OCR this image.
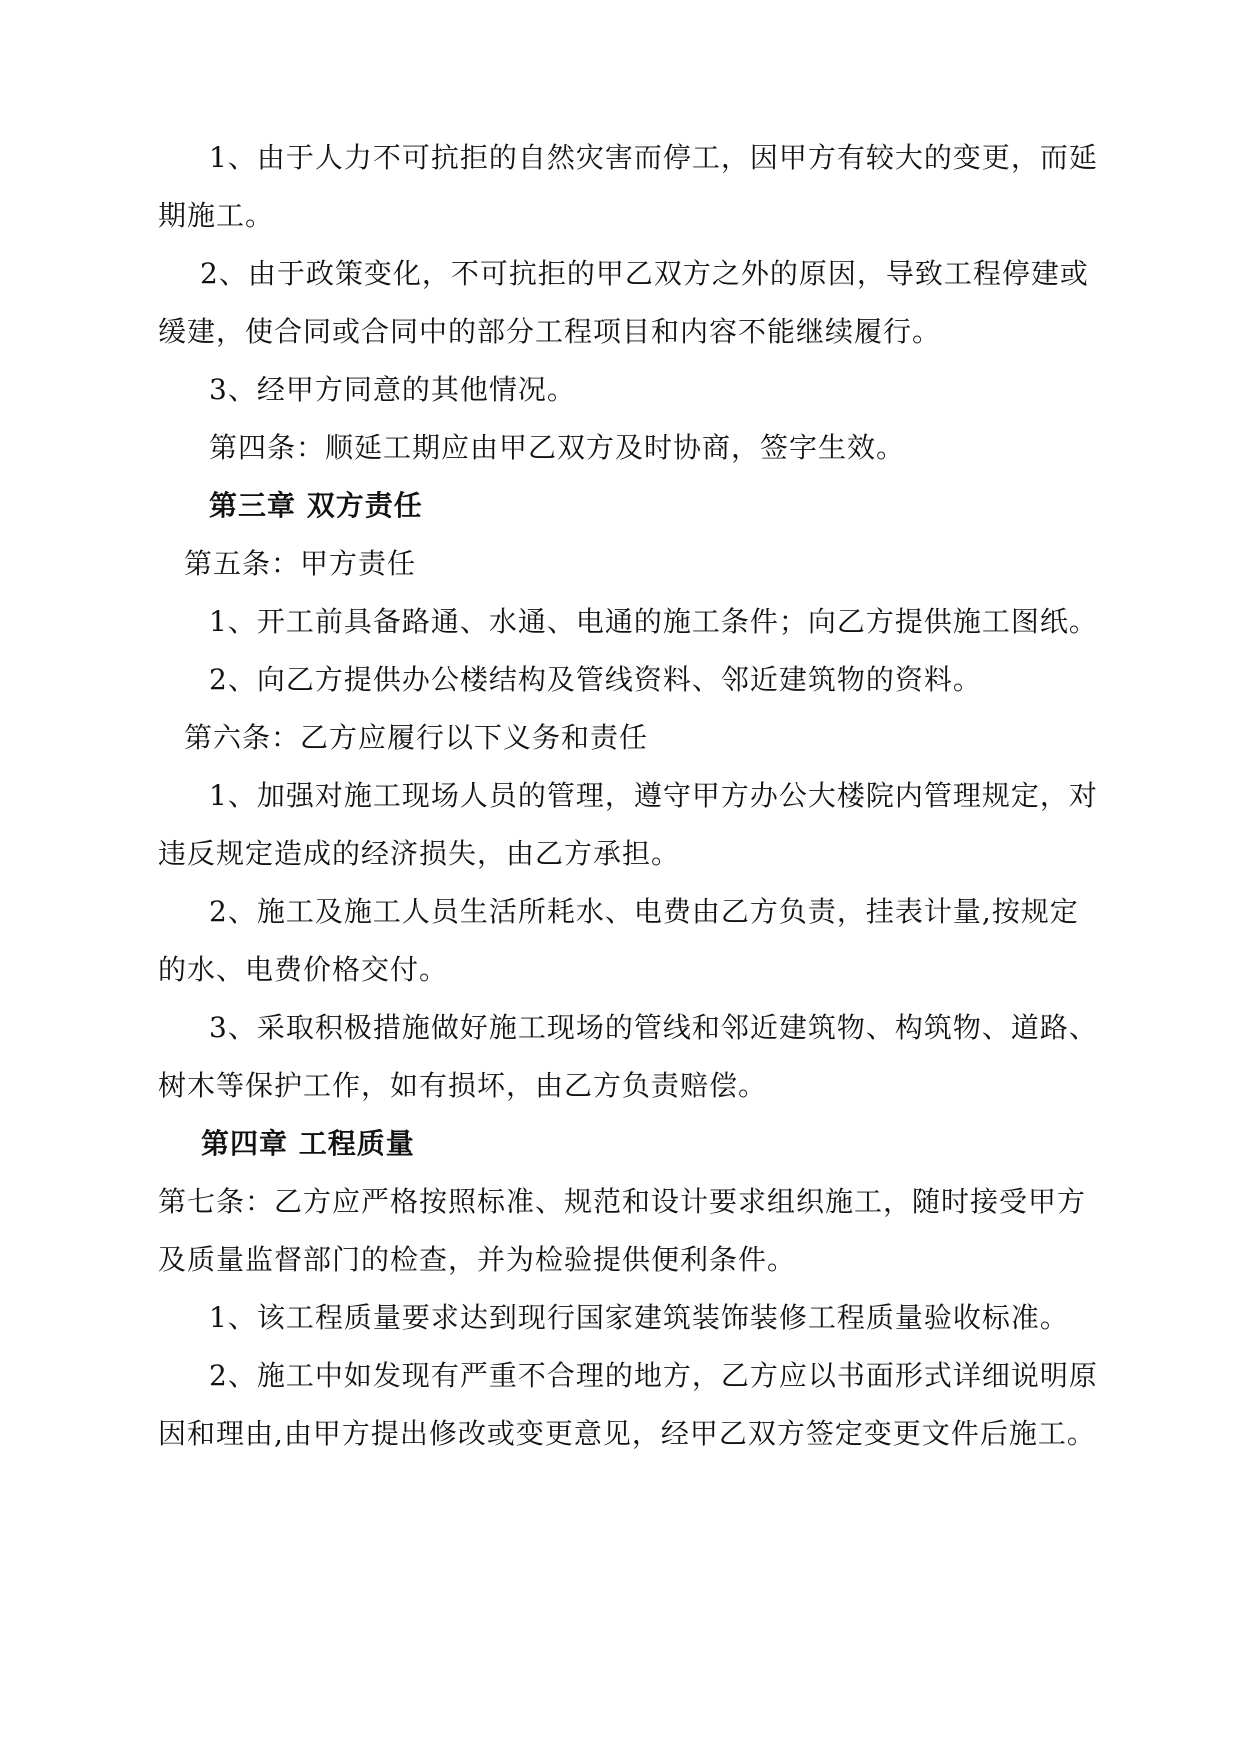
1、由于人力不可抗拒的自然灾害而停工，因甲方有较大的变更，而延

期施工。

2、由于政策变化，不可抗拒的甲乙双方之外的原因，导致工程停建或

缓建，使合同或合同中的部分工程项目和内容不能继续履行。

3、经甲方同意的其他情况。

第四条：顺延工期应由甲乙双方及时协商，签字生效。

第三章 双方责任

第五条：甲方责任

1、开工前具备路通、水通、电通的施工条件；向乙方提供施工图纸。

2、向乙方提供办公楼结构及管线资料、邻近建筑物的资料。

第六条：乙方应履行以下义务和责任

1、加强对施工现场人员的管理，遵守甲方办公大楼院内管理规定，对

违反规定造成的经济损失，由乙方承担。

2、施工及施工人员生活所耗水、电费由乙方负责，挂表计量,按规定

的水、电费价格交付。

3、采取积极措施做好施工现场的管线和邻近建筑物、构筑物、道路、

树木等保护工作，如有损坏，由乙方负责赔偿。

第四章 工程质量

第七条：乙方应严格按照标准、规范和设计要求组织施工，随时接受甲方

及质量监督部门的检查，并为检验提供便利条件。

1、该工程质量要求达到现行国家建筑装饰装修工程质量验收标准。

2、施工中如发现有严重不合理的地方，乙方应以书面形式详细说明原

因和理由,由甲方提出修改或变更意见，经甲乙双方签定变更文件后施工。
